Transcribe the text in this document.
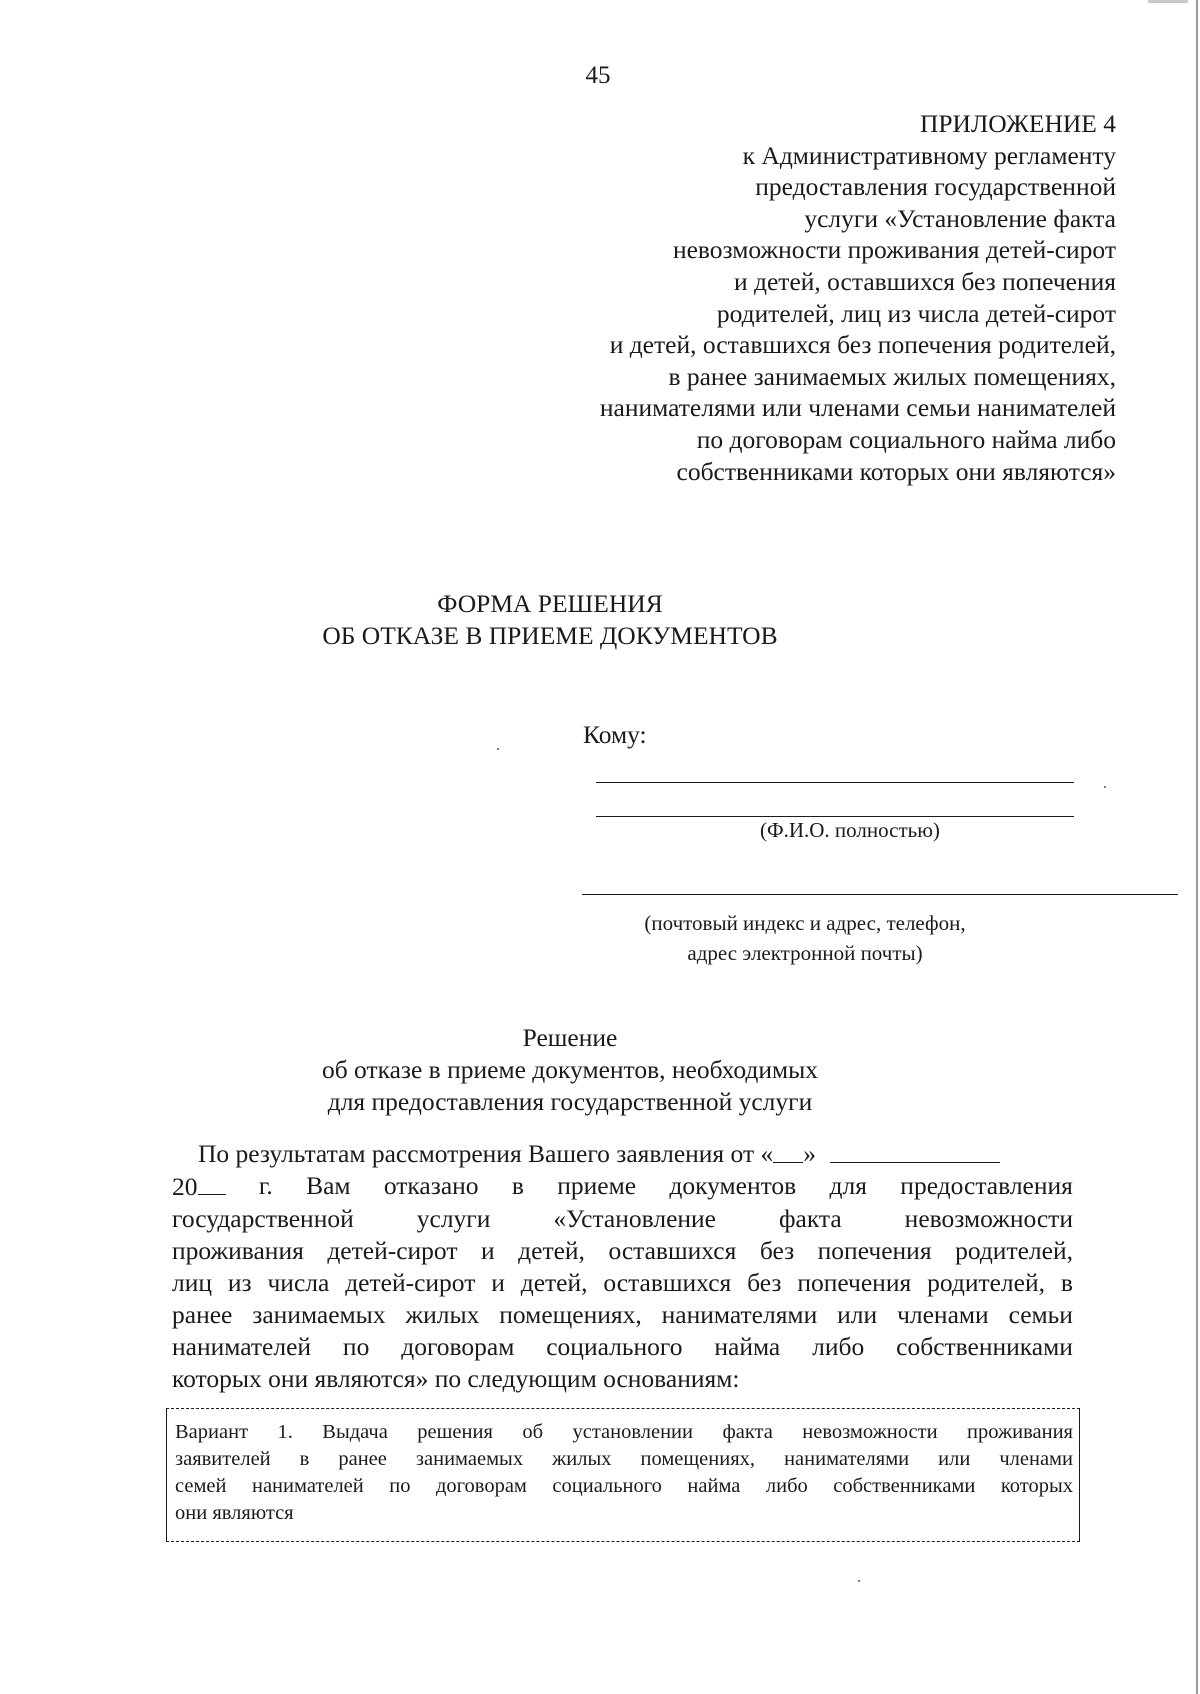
45
ПРИЛОЖЕНИЕ 4
к Административному регламенту
предоставления государственной
услуги «Установление факта
невозможности проживания детей-сирот
и детей, оставшихся без попечения
родителей, лиц из числа детей-сирот
и детей, оставшихся без попечения родителей,
в ранее занимаемых жилых помещениях,
нанимателями или членами семьи нанимателей
по договорам социального найма либо
собственниками которых они являются»
ФОРМА РЕШЕНИЯ
ОБ ОТКАЗЕ В ПРИЕМЕ ДОКУМЕНТОВ
Кому:
(Ф.И.О. полностью)
(почтовый индекс и адрес, телефон,
адрес электронной почты)
Решение
об отказе в приеме документов, необходимых
для предоставления государственной услуги
По результатам рассмотрения Вашего заявления от « »
20	г. Вам отказано в приеме документов для предоставления
государственной услуги «Установление факта невозможности
проживания детей-сирот и детей, оставшихся без попечения родителей,
лиц из числа детей-сирот и детей, оставшихся без попечения родителей, в
ранее занимаемых жилых помещениях, нанимателями или членами семьи
нанимателей по договорам социального найма либо собственниками
которых они являются» по следующим основаниям:
Вариант 1. Выдача решения об установлении факта невозможности проживания
заявителей в ранее занимаемых жилых помещениях, нанимателями или членами
семей нанимателей по договорам социального найма либо собственниками которых
они являются
